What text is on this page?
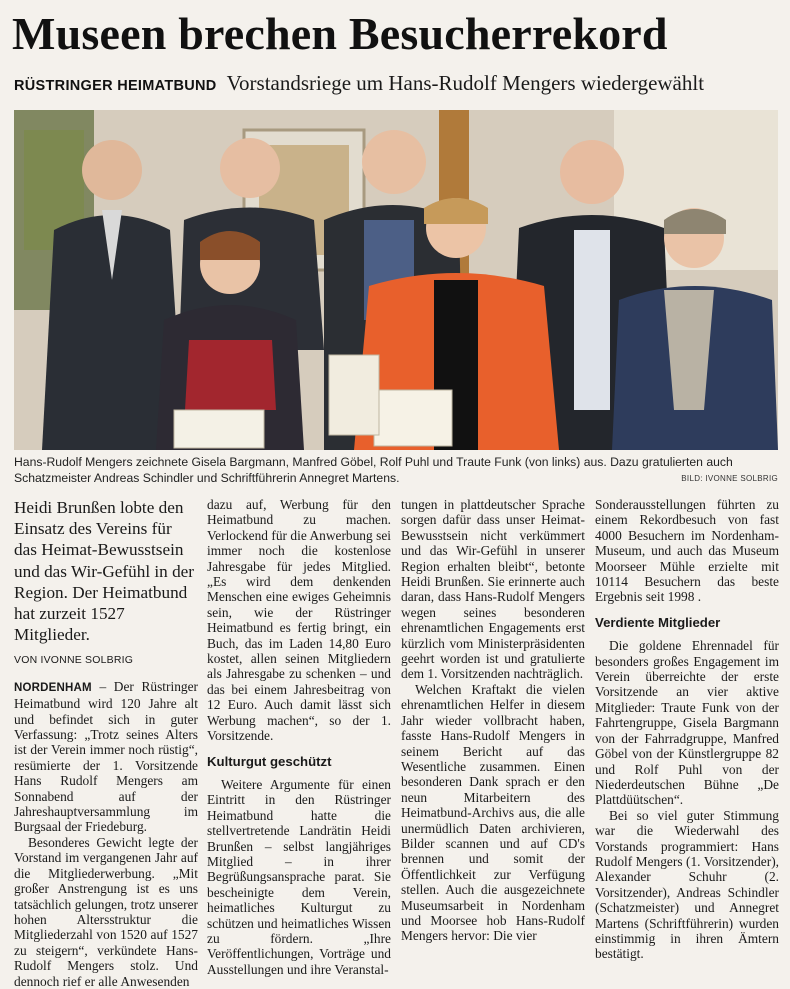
Museen brechen Besucherrekord
RÜSTRINGER HEIMATBUND Vorstandsriege um Hans-Rudolf Mengers wiedergewählt
Hans-Rudolf Mengers zeichnete Gisela Bargmann, Manfred Göbel, Rolf Puhl und Traute Funk (von links) aus. Dazu gratulierten auch Schatzmeister Andreas Schindler und Schriftführerin Annegret Martens.	BILD: IVONNE SOLBRIG

Heidi Brunßen lobte den Einsatz des Vereins für das Heimat-Bewusstsein und das Wir-Gefühl in der Region. Der Heimatbund hat zurzeit 1527 Mitglieder.

VON IVONNE SOLBRIG

NORDENHAM – Der Rüstringer Heimatbund wird 120 Jahre alt und befindet sich in guter Verfassung: „Trotz seines Alters ist der Verein immer noch rüstig“, resümierte der 1. Vorsitzende Hans Rudolf Mengers am Sonnabend auf der Jahreshauptversammlung im Burgsaal der Friedeburg.

Besonderes Gewicht legte der Vorstand im vergangenen Jahr auf die Mitgliederwerbung. „Mit großer Anstrengung ist es uns tatsächlich gelungen, trotz unserer hohen Altersstruktur die Mitgliederzahl von 1520 auf 1527 zu steigern“, verkündete Hans-Rudolf Mengers stolz. Und dennoch rief er alle Anwesenden

dazu auf, Werbung für den Heimatbund zu machen. Verlockend für die Anwerbung sei immer noch die kostenlose Jahresgabe für jedes Mitglied. „Es wird dem denkenden Menschen eine ewiges Geheimnis sein, wie der Rüstringer Heimatbund es fertig bringt, ein Buch, das im Laden 14,80 Euro kostet, allen seinen Mitgliedern als Jahresgabe zu schenken – und das bei einem Jahresbeitrag von 12 Euro. Auch damit lässt sich Werbung machen“, so der 1. Vorsitzende.

Kulturgut geschützt

Weitere Argumente für einen Eintritt in den Rüstringer Heimatbund hatte die stellvertretende Landrätin Heidi Brunßen – selbst langjähriges Mitglied – in ihrer Begrüßungsansprache parat. Sie bescheinigte dem Verein, heimatliches Kulturgut zu schützen und heimatliches Wissen zu fördern. „Ihre Veröffentlichungen, Vorträge und Ausstellungen und ihre Veranstal-

tungen in plattdeutscher Sprache sorgen dafür dass unser Heimat-Bewusstsein nicht verkümmert und das Wir-Gefühl in unserer Region erhalten bleibt“, betonte Heidi Brunßen. Sie erinnerte auch daran, dass Hans-Rudolf Mengers wegen seines besonderen ehrenamtlichen Engagements erst kürzlich vom Ministerpräsidenten geehrt worden ist und gratulierte dem 1. Vorsitzenden nachträglich.

Welchen Kraftakt die vielen ehrenamtlichen Helfer in diesem Jahr wieder vollbracht haben, fasste Hans-Rudolf Mengers in seinem Bericht auf das Wesentliche zusammen. Einen besonderen Dank sprach er den neun Mitarbeitern des Heimatbund-Archivs aus, die alle unermüdlich Daten archivieren, Bilder scannen und auf CD's brennen und somit der Öffentlichkeit zur Verfügung stellen. Auch die ausgezeichnete Museumsarbeit in Nordenham und Moorsee hob Hans-Rudolf Mengers hervor: Die vier

Sonderausstellungen führten zu einem Rekordbesuch von fast 4000 Besuchern im Nordenham-Museum, und auch das Museum Moorseer Mühle erzielte mit 10114 Besuchern das beste Ergebnis seit 1998 .

Verdiente Mitglieder

Die goldene Ehrennadel für besonders großes Engagement im Verein überreichte der erste Vorsitzende an vier aktive Mitglieder: Traute Funk von der Fahrtengruppe, Gisela Bargmann von der Fahrradgruppe, Manfred Göbel von der Künstlergruppe 82 und Rolf Puhl von der Niederdeutschen Bühne „De Plattdüütschen“.

Bei so viel guter Stimmung war die Wiederwahl des Vorstands programmiert: Hans Rudolf Mengers (1. Vorsitzender), Alexander Schuhr (2. Vorsitzender), Andreas Schindler (Schatzmeister) und Annegret Martens (Schriftführerin) wurden einstimmig in ihren Ämtern bestätigt.
